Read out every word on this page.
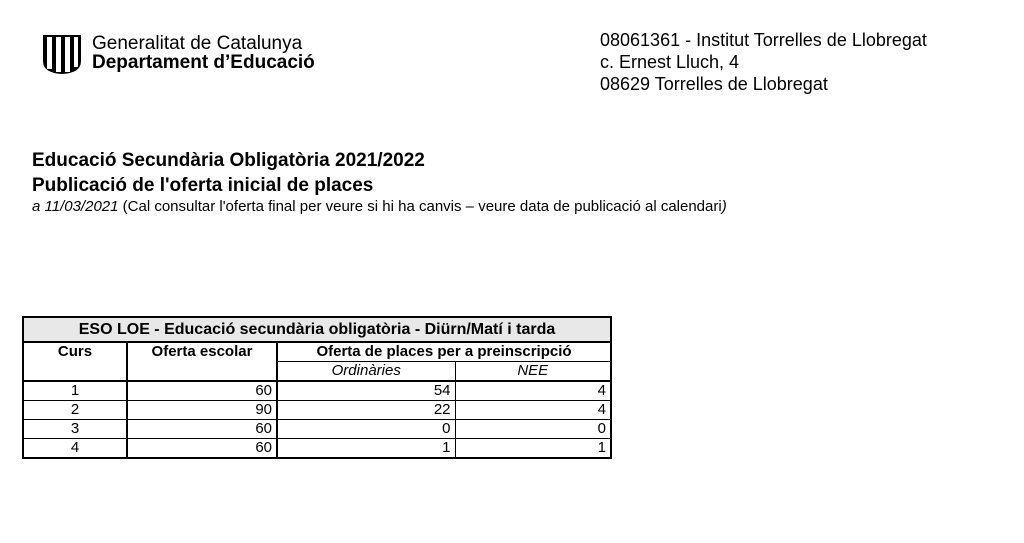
Generalitat de Catalunya
Departament d’Educació
08061361 - Institut Torrelles de Llobregat
c. Ernest Lluch, 4
08629 Torrelles de Llobregat
Educació Secundària Obligatòria 2021/2022
Publicació de l'oferta inicial de places
a 11/03/2021 (Cal consultar l'oferta final per veure si hi ha canvis – veure data de publicació al calendari)
ESO LOE - Educació secundària obligatòria - Diürn/Matí i tarda			
Curs	Oferta escolar	Oferta de places per a preinscripció	
		Ordinàries	NEE
1	60	54	4
2	90	22	4
3	60	0	0
4	60	1	1
